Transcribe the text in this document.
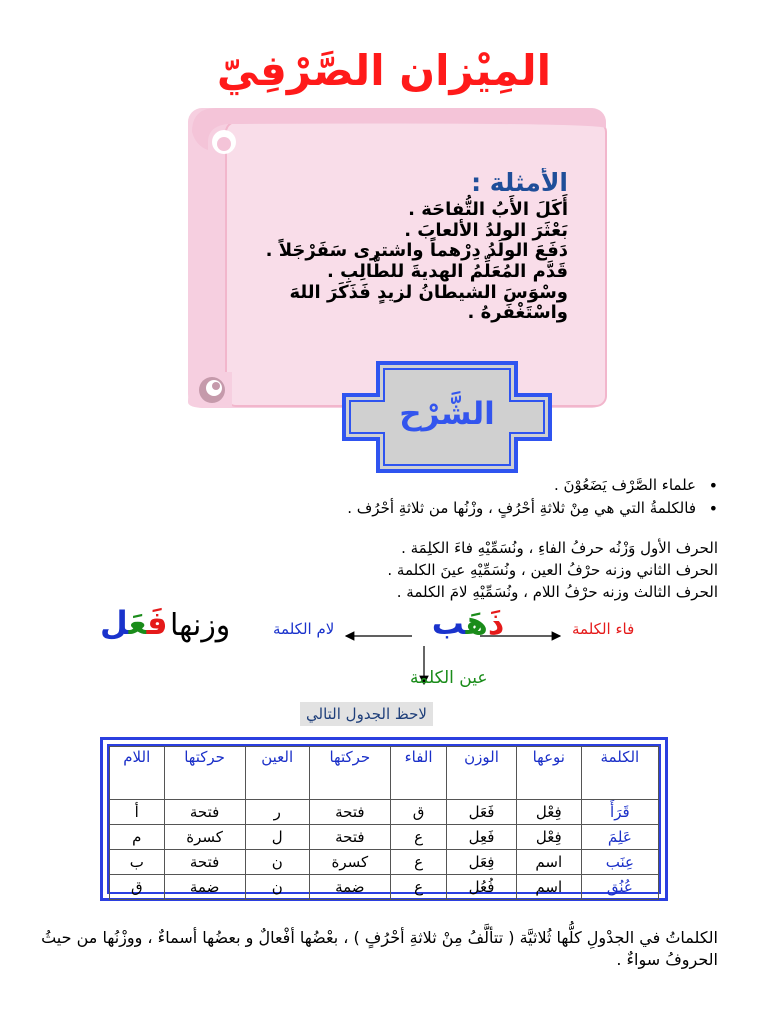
المِيْزان الصَّرْفِيّ

الأمثلة :

أَكَلَ الأَبُ التُّفاحَة .

بَعْثَرَ الولدُ الألعابَ .

دَفَعَ الولَدُ دِرْهماً واشترى سَفَرْجَلاً .

قَدَّم المُعَلِّمُ الهديةَ للطَّالِبِ .

وسْوَسَ الشيطانُ لزيدٍ فَذَكَرَ اللهَ واسْتَغْفَرهُ .

الشَّرْح
• علماء الصَّرْف يَضَعُوْنَ .
• فالكلمةُ التي هي مِنْ ثلاثةِ أحْرُفٍ ، وزْنُها من ثلاثةِ أحْرُف .

الحرف الأول وَزْنُه حرفُ الفاءِ ، ونُسَمِّيْهِ فاءَ الكلِمَة .

الحرف الثاني وزنه حرْفُ العين ، ونُسَمِّيْهِ عينَ الكلمة .

الحرف الثالث وزنه حرْفُ اللام ، ونُسَمِّيْهِ لامَ الكلمة .

ذَهَب	فاء الكلمة
لام الكلمة
عين الكلمة
وزنها
فَعَل
لاحظ الجدول التالي
الكلمة	نوعها	الوزن	الفاء	حركتها	العين	حركتها	اللام
قَرَأَ	فِعْل	فَعَل	ق	فتحة	ر	فتحة	أ
عَلِمَ	فِعْل	فَعِل	ع	فتحة	ل	كسرة	م
عِنَب	اسم	فِعَل	ع	كسرة	ن	فتحة	ب
عُنُق	اسم	فُعُل	ع	ضمة	ن	ضمة	ق

الكلماتُ في الجدْولِ كلُّها ثُلاثيَّة ( تتألَّفُ مِنْ ثلاثةِ أحْرُفٍ ) ، بعْضُها أفْعالٌ و بعضُها أسماءٌ ، ووزْنُها من حيثُ الحروفُ سواءٌ .
